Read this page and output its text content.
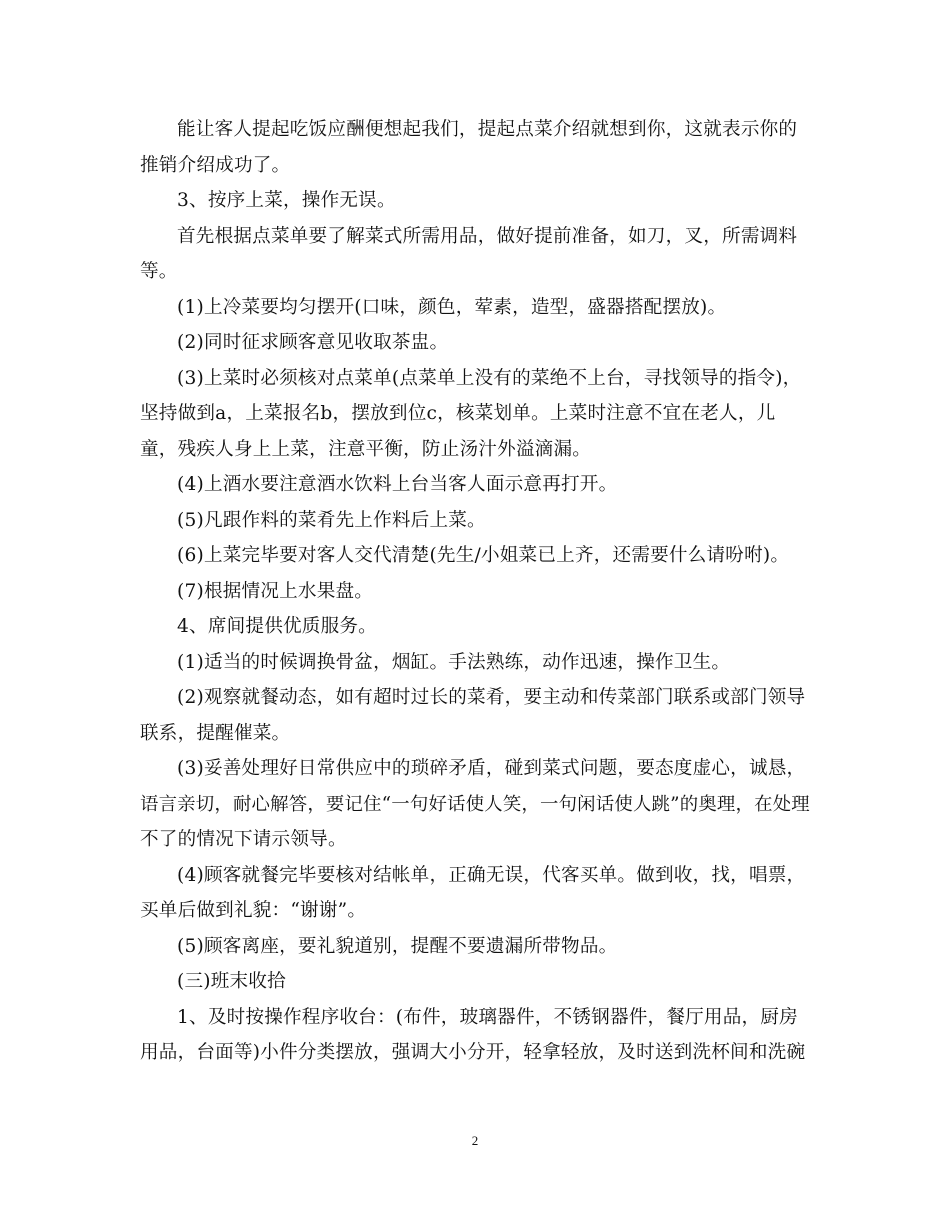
能让客人提起吃饭应酬便想起我们，提起点菜介绍就想到你，这就表示你的
推销介绍成功了。
3、按序上菜，操作无误。
首先根据点菜单要了解菜式所需用品，做好提前准备，如刀，叉，所需调料
等。
(1)上冷菜要均匀摆开(口味，颜色，荤素，造型，盛器搭配摆放)。
(2)同时征求顾客意见收取茶盅。
(3)上菜时必须核对点菜单(点菜单上没有的菜绝不上台，寻找领导的指令)，
坚持做到a，上菜报名b，摆放到位c，核菜划单。上菜时注意不宜在老人，儿
童，残疾人身上上菜，注意平衡，防止汤汁外溢滴漏。
(4)上酒水要注意酒水饮料上台当客人面示意再打开。
(5)凡跟作料的菜肴先上作料后上菜。
(6)上菜完毕要对客人交代清楚(先生/小姐菜已上齐，还需要什么请吩咐)。
(7)根据情况上水果盘。
4、席间提供优质服务。
(1)适当的时候调换骨盆，烟缸。手法熟练，动作迅速，操作卫生。
(2)观察就餐动态，如有超时过长的菜肴，要主动和传菜部门联系或部门领导
联系，提醒催菜。
(3)妥善处理好日常供应中的琐碎矛盾，碰到菜式问题，要态度虚心，诚恳，
语言亲切，耐心解答，要记住“一句好话使人笑，一句闲话使人跳”的奥理，在处理
不了的情况下请示领导。
(4)顾客就餐完毕要核对结帐单，正确无误，代客买单。做到收，找，唱票，
买单后做到礼貌：“谢谢”。
(5)顾客离座，要礼貌道别，提醒不要遗漏所带物品。
(三)班末收拾
1、及时按操作程序收台：(布件，玻璃器件，不锈钢器件，餐厅用品，厨房
用品，台面等)小件分类摆放，强调大小分开，轻拿轻放，及时送到洗杯间和洗碗
2
